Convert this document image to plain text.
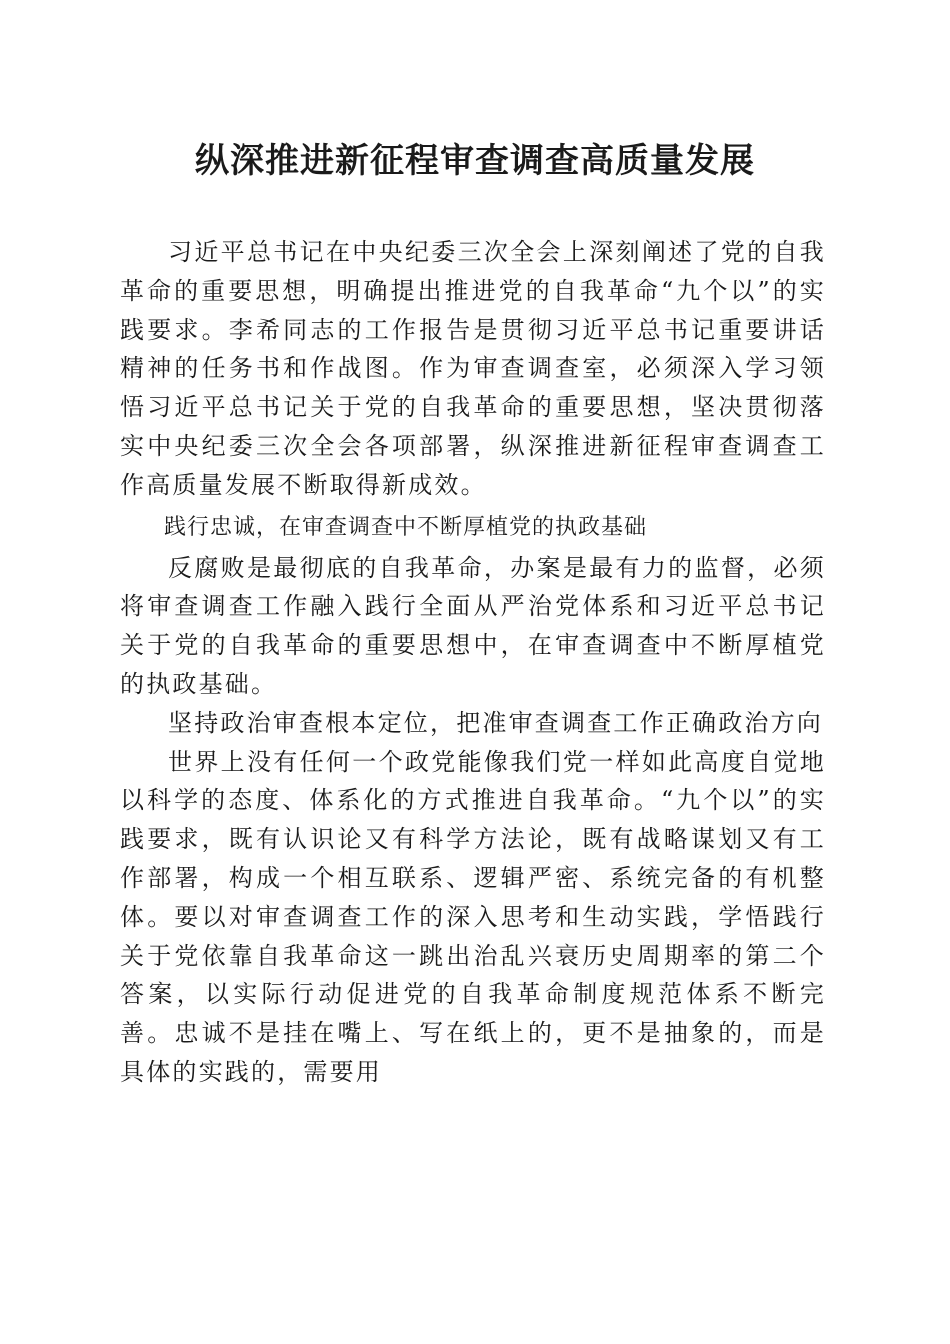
纵深推进新征程审查调查高质量发展

习近平总书记在中央纪委三次全会上深刻阐述了党的自我革命的重要思想，明确提出推进党的自我革命“九个以”的实践要求。李希同志的工作报告是贯彻习近平总书记重要讲话精神的任务书和作战图。作为审查调查室，必须深入学习领悟习近平总书记关于党的自我革命的重要思想，坚决贯彻落实中央纪委三次全会各项部署，纵深推进新征程审查调查工作高质量发展不断取得新成效。

践行忠诚，在审查调查中不断厚植党的执政基础

反腐败是最彻底的自我革命，办案是最有力的监督，必须将审查调查工作融入践行全面从严治党体系和习近平总书记关于党的自我革命的重要思想中，在审查调查中不断厚植党的执政基础。

坚持政治审查根本定位，把准审查调查工作正确政治方向

世界上没有任何一个政党能像我们党一样如此高度自觉地以科学的态度、体系化的方式推进自我革命。“九个以”的实践要求，既有认识论又有科学方法论，既有战略谋划又有工作部署，构成一个相互联系、逻辑严密、系统完备的有机整体。要以对审查调查工作的深入思考和生动实践，学悟践行关于党依靠自我革命这一跳出治乱兴衰历史周期率的第二个答案，以实际行动促进党的自我革命制度规范体系不断完善。忠诚不是挂在嘴上、写在纸上的，更不是抽象的，而是具体的实践的，需要用
